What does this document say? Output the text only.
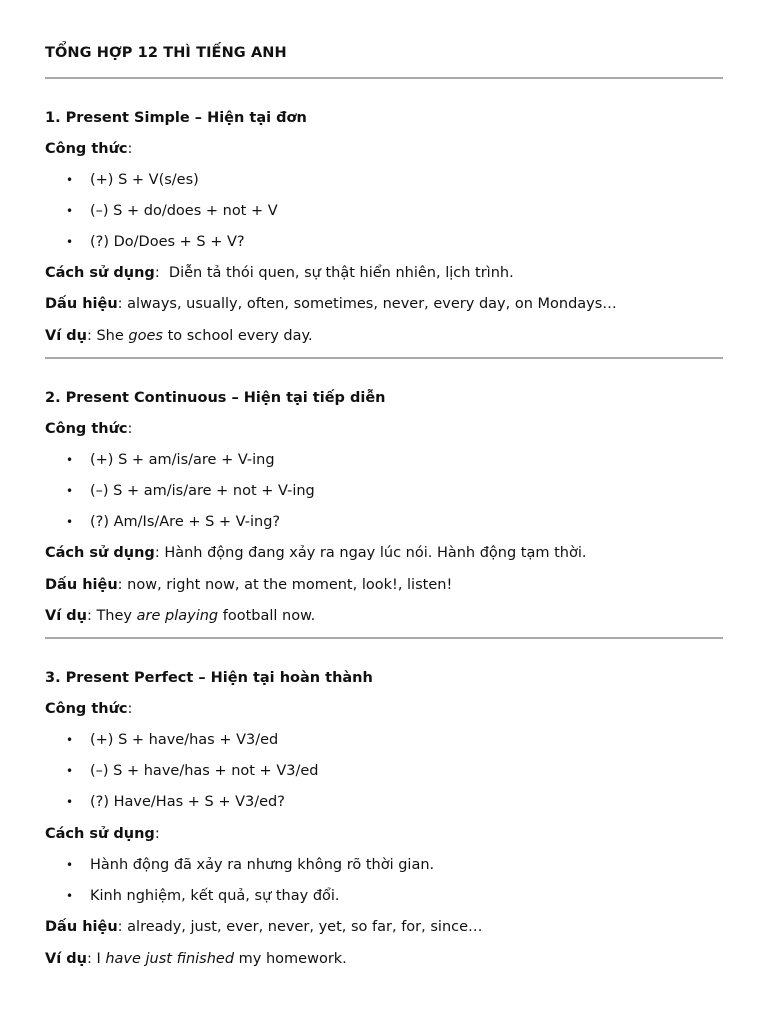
TỔNG HỢP 12 THÌ TIẾNG ANH
1. Present Simple – Hiện tại đơn
Công thức:
• (+) S + V(s/es)
• (–) S + do/does + not + V
• (?) Do/Does + S + V?
Cách sử dụng:  Diễn tả thói quen, sự thật hiển nhiên, lịch trình.
Dấu hiệu: always, usually, often, sometimes, never, every day, on Mondays…
Ví dụ: She goes to school every day.
2. Present Continuous – Hiện tại tiếp diễn
Công thức:
• (+) S + am/is/are + V-ing
• (–) S + am/is/are + not + V-ing
• (?) Am/Is/Are + S + V-ing?
Cách sử dụng: Hành động đang xảy ra ngay lúc nói. Hành động tạm thời.
Dấu hiệu: now, right now, at the moment, look!, listen!
Ví dụ: They are playing football now.
3. Present Perfect – Hiện tại hoàn thành
Công thức:
• (+) S + have/has + V3/ed
• (–) S + have/has + not + V3/ed
• (?) Have/Has + S + V3/ed?
Cách sử dụng:
• Hành động đã xảy ra nhưng không rõ thời gian.
• Kinh nghiệm, kết quả, sự thay đổi.
Dấu hiệu: already, just, ever, never, yet, so far, for, since…
Ví dụ: I have just finished my homework.
